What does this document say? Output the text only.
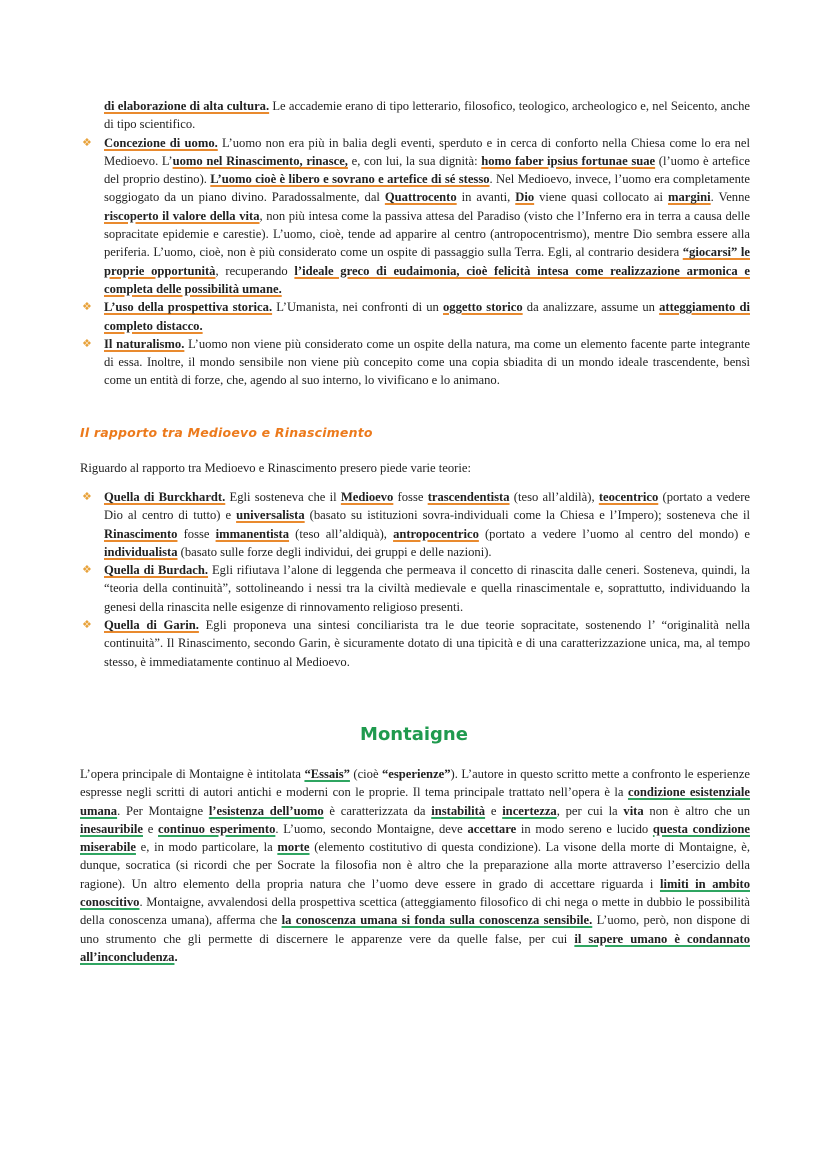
di elaborazione di alta cultura. Le accademie erano di tipo letterario, filosofico, teologico, archeologico e, nel Seicento, anche di tipo scientifico.
❖ Concezione di uomo. L’uomo non era più in balia degli eventi, sperduto e in cerca di conforto nella Chiesa come lo era nel Medioevo. L’uomo nel Rinascimento, rinasce, e, con lui, la sua dignità: homo faber ipsius fortunae suae (l’uomo è artefice del proprio destino). L’uomo cioè è libero e sovrano e artefice di sé stesso. Nel Medioevo, invece, l’uomo era completamente soggiogato da un piano divino. Paradossalmente, dal Quattrocento in avanti, Dio viene quasi collocato ai margini. Venne riscoperto il valore della vita, non più intesa come la passiva attesa del Paradiso (visto che l’Inferno era in terra a causa delle sopracitate epidemie e carestie). L’uomo, cioè, tende ad apparire al centro (antropocentrismo), mentre Dio sembra essere alla periferia. L’uomo, cioè, non è più considerato come un ospite di passaggio sulla Terra. Egli, al contrario desidera “giocarsi” le proprie opportunità, recuperando l’ideale greco di eudaimonia, cioè felicità intesa come realizzazione armonica e completa delle possibilità umane.
❖ L’uso della prospettiva storica. L’Umanista, nei confronti di un oggetto storico da analizzare, assume un atteggiamento di completo distacco.
❖ Il naturalismo. L’uomo non viene più considerato come un ospite della natura, ma come un elemento facente parte integrante di essa. Inoltre, il mondo sensibile non viene più concepito come una copia sbiadita di un mondo ideale trascendente, bensì come un entità di forze, che, agendo al suo interno, lo vivificano e lo animano.
Il rapporto tra Medioevo e Rinascimento

Riguardo al rapporto tra Medioevo e Rinascimento presero piede varie teorie:

❖ Quella di Burckhardt. Egli sosteneva che il Medioevo fosse trascendentista (teso all’aldilà), teocentrico (portato a vedere Dio al centro di tutto) e universalista (basato su istituzioni sovra-individuali come la Chiesa e l’Impero); sosteneva che il Rinascimento fosse immanentista (teso all’aldiquà), antropocentrico (portato a vedere l’uomo al centro del mondo) e individualista (basato sulle forze degli individui, dei gruppi e delle nazioni).
❖ Quella di Burdach. Egli rifiutava l’alone di leggenda che permeava il concetto di rinascita dalle ceneri. Sosteneva, quindi, la “teoria della continuità”, sottolineando i nessi tra la civiltà medievale e quella rinascimentale e, soprattutto, individuando la genesi della rinascita nelle esigenze di rinnovamento religioso presenti.
❖ Quella di Garin. Egli proponeva una sintesi conciliarista tra le due teorie sopracitate, sostenendo l’ “originalità nella continuità”. Il Rinascimento, secondo Garin, è sicuramente dotato di una tipicità e di una caratterizzazione unica, ma, al tempo stesso, è immediatamente continuo al Medioevo.
Montaigne

L’opera principale di Montaigne è intitolata “Essais” (cioè “esperienze”). L’autore in questo scritto mette a confronto le esperienze espresse negli scritti di autori antichi e moderni con le proprie. Il tema principale trattato nell’opera è la condizione esistenziale umana. Per Montaigne l’esistenza dell’uomo è caratterizzata da instabilità e incertezza, per cui la vita non è altro che un inesauribile e continuo esperimento. L’uomo, secondo Montaigne, deve accettare in modo sereno e lucido questa condizione miserabile e, in modo particolare, la morte (elemento costitutivo di questa condizione). La visone della morte di Montaigne, è, dunque, socratica (si ricordi che per Socrate la filosofia non è altro che la preparazione alla morte attraverso l’esercizio della ragione). Un altro elemento della propria natura che l’uomo deve essere in grado di accettare riguarda i limiti in ambito conoscitivo. Montaigne, avvalendosi della prospettiva scettica (atteggiamento filosofico di chi nega o mette in dubbio le possibilità della conoscenza umana), afferma che la conoscenza umana si fonda sulla conoscenza sensibile. L’uomo, però, non dispone di uno strumento che gli permette di discernere le apparenze vere da quelle false, per cui il sapere umano è condannato all’inconcludenza.
